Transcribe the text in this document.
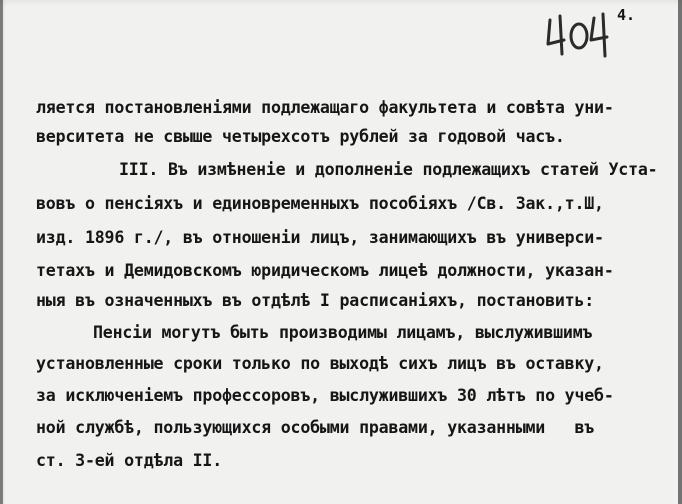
4.
ляется постановленіями подлежащаго факультета и совѣта уни-
верситета не свыше четырехсотъ рублей за годовой часъ.
III. Въ измѣненіе и дополненіе подлежащихъ статей Уста-
вовъ о пенсіяхъ и единовременныхъ пособіяхъ /Св. Зак.,т.Ш,
изд. 1896 г./, въ отношеніи лицъ, занимающихъ въ универси-
тетахъ и Демидовскомъ юридическомъ лицеѣ должности, указан-
ныя въ означенныхъ въ отдѣлѣ I расписаніяхъ, постановить:
Пенсіи могутъ быть производимы лицамъ, выслужившимъ
установленные сроки только по выходѣ сихъ лицъ въ оставку,
за исключеніемъ профессоровъ, выслужившихъ 30 лѣтъ по учеб-
ной службѣ, пользующихся особыми правами, указанными   въ
ст. 3-ей отдѣла II.
